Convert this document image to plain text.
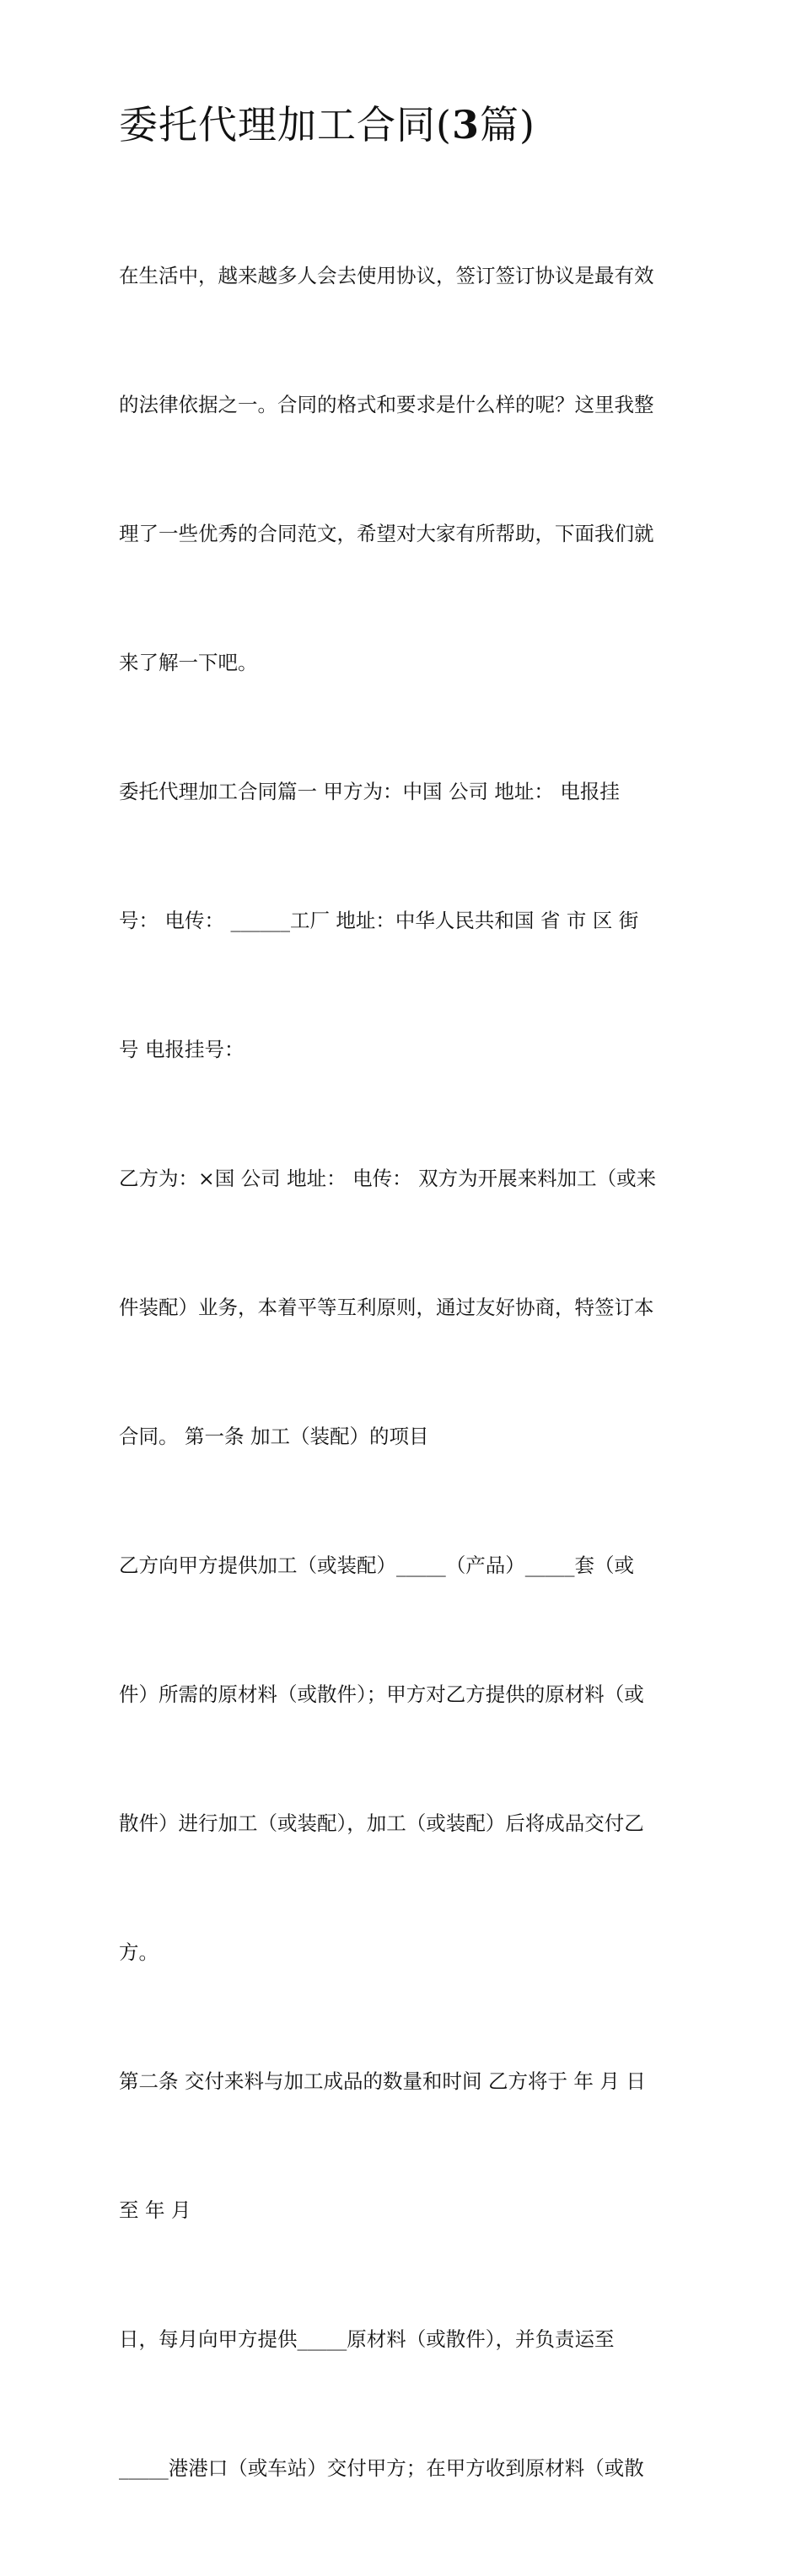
委托代理加工合同(3篇)

在生活中，越来越多人会去使用协议，签订签订协议是最有效

的法律依据之一。合同的格式和要求是什么样的呢？这里我整

理了一些优秀的合同范文，希望对大家有所帮助，下面我们就

来了解一下吧。

委托代理加工合同篇一 甲方为：中国 公司 地址： 电报挂

号： 电传： ______工厂 地址：中华人民共和国 省 市 区 街

号 电报挂号：

乙方为：×国 公司 地址： 电传： 双方为开展来料加工（或来

件装配）业务，本着平等互利原则，通过友好协商，特签订本

合同。 第一条 加工（装配）的项目

乙方向甲方提供加工（或装配）_____（产品）_____套（或

件）所需的原材料（或散件）；甲方对乙方提供的原材料（或

散件）进行加工（或装配），加工（或装配）后将成品交付乙

方。

第二条 交付来料与加工成品的数量和时间 乙方将于 年 月 日

至 年 月

日，每月向甲方提供_____原材料（或散件），并负责运至

_____港港口（或车站）交付甲方；在甲方收到原材料（或散
